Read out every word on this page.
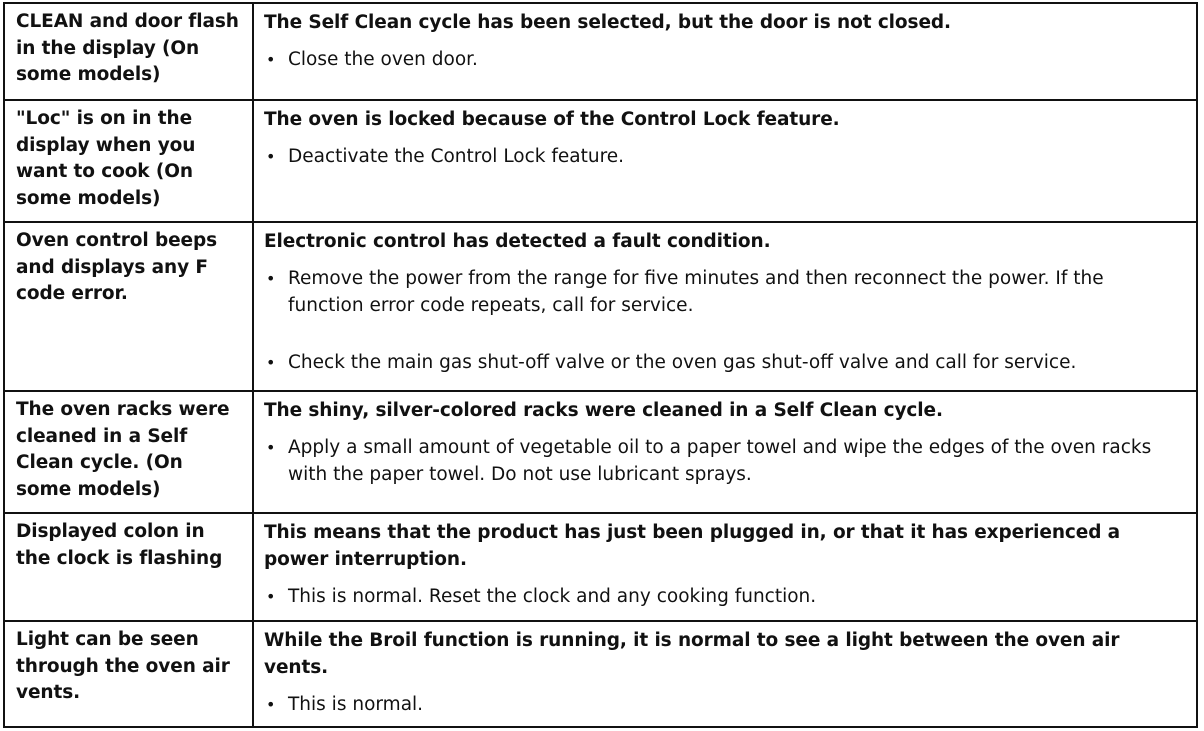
CLEAN and door flash in the display (On some models)
The Self Clean cycle has been selected, but the door is not closed.
• Close the oven door.
"Loc" is on in the display when you want to cook (On some models)
The oven is locked because of the Control Lock feature.
• Deactivate the Control Lock feature.
Oven control beeps and displays any F code error.
Electronic control has detected a fault condition.
• Remove the power from the range for five minutes and then reconnect the power. If the function error code repeats, call for service.
• Check the main gas shut-off valve or the oven gas shut-off valve and call for service.
The oven racks were cleaned in a Self Clean cycle. (On some models)
The shiny, silver-colored racks were cleaned in a Self Clean cycle.
• Apply a small amount of vegetable oil to a paper towel and wipe the edges of the oven racks with the paper towel. Do not use lubricant sprays.
Displayed colon in the clock is flashing
This means that the product has just been plugged in, or that it has experienced a power interruption.
• This is normal. Reset the clock and any cooking function.
Light can be seen through the oven air vents.
While the Broil function is running, it is normal to see a light between the oven air vents.
• This is normal.
